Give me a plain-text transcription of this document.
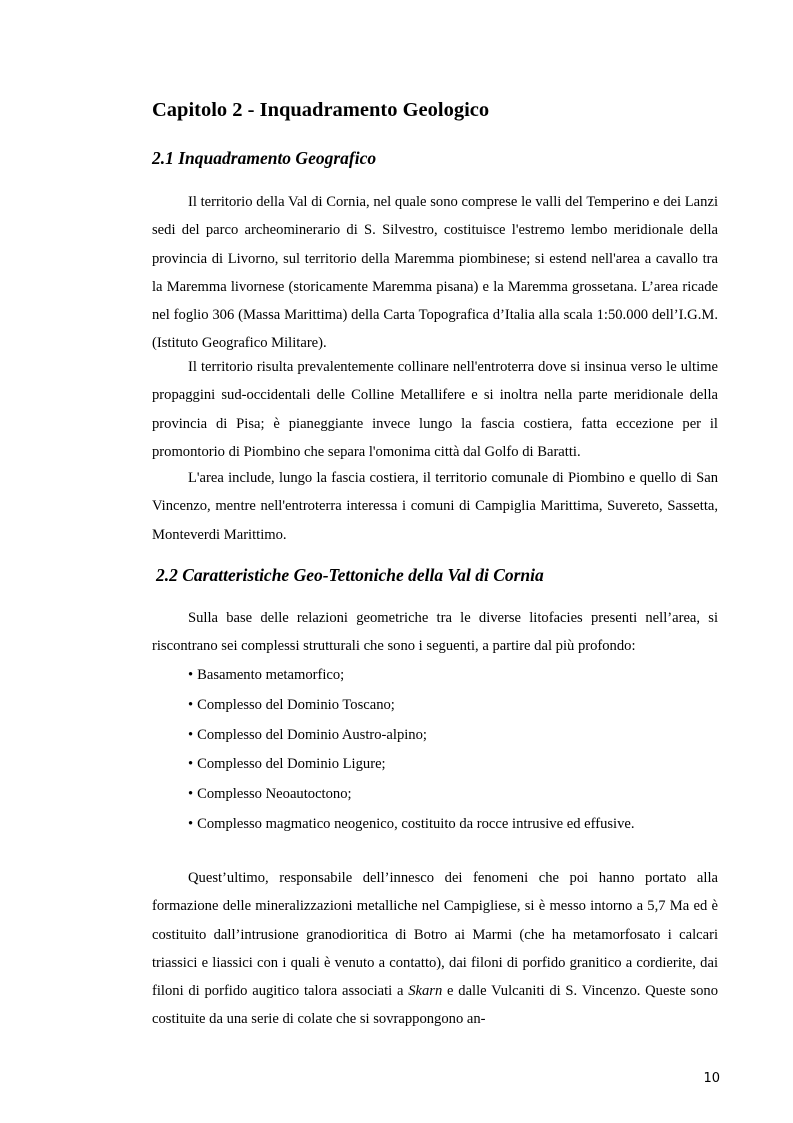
Capitolo 2 - Inquadramento Geologico
2.1 Inquadramento Geografico

Il territorio della Val di Cornia, nel quale sono comprese le valli del Temperino e dei Lanzi sedi del parco archeominerario di S. Silvestro, costituisce l'estremo lembo meridionale della provincia di Livorno, sul territorio della Maremma piombinese; si estend nell'area a cavallo tra la Maremma livornese (storicamente Maremma pisana) e la Maremma grossetana. L’area ricade nel foglio 306 (Massa Marittima) della Carta Topografica d’Italia alla scala 1:50.000 dell’I.G.M. (Istituto Geografico Militare).

Il territorio risulta prevalentemente collinare nell'entroterra dove si insinua verso le ultime propaggini sud-occidentali delle Colline Metallifere e si inoltra nella parte meridionale della provincia di Pisa; è pianeggiante invece lungo la fascia costiera, fatta eccezione per il promontorio di Piombino che separa l'omonima città dal Golfo di Baratti.

L'area include, lungo la fascia costiera, il territorio comunale di Piombino e quello di San Vincenzo, mentre nell'entroterra interessa i comuni di Campiglia Marittima, Suvereto, Sassetta, Monteverdi Marittimo.

2.2 Caratteristiche Geo-Tettoniche della Val di Cornia

Sulla base delle relazioni geometriche tra le diverse litofacies presenti nell’area, si riscontrano sei complessi strutturali che sono i seguenti, a partire dal più profondo:

• Basamento metamorfico;
• Complesso del Dominio Toscano;
• Complesso del Dominio Austro-alpino;
• Complesso del Dominio Ligure;
• Complesso Neoautoctono;
• Complesso magmatico neogenico, costituito da rocce intrusive ed effusive.

Quest’ultimo, responsabile dell’innesco dei fenomeni che poi hanno portato alla formazione delle mineralizzazioni metalliche nel Campigliese, si è messo intorno a 5,7 Ma ed è costituito dall’intrusione granodioritica di Botro ai Marmi (che ha metamorfosato i calcari triassici e liassici con i quali è venuto a contatto), dai filoni di porfido granitico a cordierite, dai filoni di porfido augitico talora associati a Skarn e dalle Vulcaniti di S. Vincenzo. Queste sono costituite da una serie di colate che si sovrappongono an-

10
